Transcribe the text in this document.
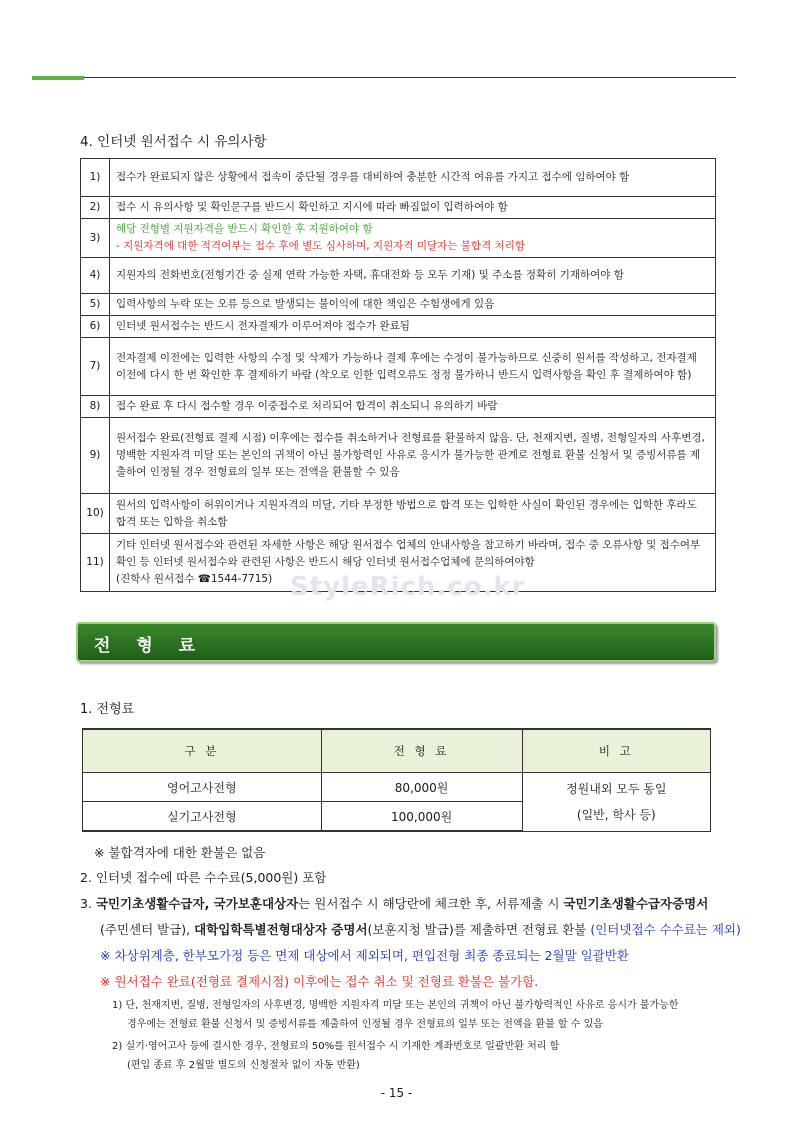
4. 인터넷 원서접수 시 유의사항
1)	접수가 완료되지 않은 상황에서 접속이 중단될 경우를 대비하여 충분한 시간적 여유를 가지고 접수에 임하여야 함
2)	접수 시 유의사항 및 확인문구를 반드시 확인하고 지시에 따라 빠짐없이 입력하여야 함
3)	해당 전형별 지원자격을 반드시 확인한 후 지원하여야 함
- 지원자격에 대한 적격여부는 접수 후에 별도 심사하며, 지원자격 미달자는 불합격 처리함

4)	지원자의 전화번호(전형기간 중 실제 연락 가능한 자택, 휴대전화 등 모두 기재) 및 주소를 정확히 기재하여야 함
5)	입력사항의 누락 또는 오류 등으로 발생되는 불이익에 대한 책임은 수험생에게 있음
6)	인터넷 원서접수는 반드시 전자결제가 이루어져야 접수가 완료됨
7)	전자결제 이전에는 입력한 사항의 수정 및 삭제가 가능하나 결제 후에는 수정이 불가능하므로 신중히 원서를 작성하고, 전자결제 이전에 다시 한 번 확인한 후 결제하기 바람 (착오로 인한 입력오류도 정정 불가하니 반드시 입력사항을 확인 후 결제하여야 함)
8)	접수 완료 후 다시 접수할 경우 이중접수로 처리되어 합격이 취소되니 유의하기 바람
9)	원서접수 완료(전형료 결제 시점) 이후에는 접수를 취소하거나 전형료를 환불하지 않음. 단, 천재지변, 질병, 전형일자의 사후변경, 명백한 지원자격 미달 또는 본인의 귀책이 아닌 불가항력인 사유로 응시가 불가능한 관계로 전형료 환불 신청서 및 증빙서류를 제출하여 인정될 경우 전형료의 일부 또는 전액을 환불할 수 있음
10)	원서의 입력사항이 허위이거나 지원자격의 미달, 기타 부정한 방법으로 합격 또는 입학한 사실이 확인된 경우에는 입학한 후라도 합격 또는 입학을 취소함
11)	기타 인터넷 원서접수와 관련된 자세한 사항은 해당 원서접수 업체의 안내사항을 참고하기 바라며, 접수 중 오류사항 및 접수여부 확인 등 인터넷 원서접수와 관련된 사항은 반드시 해당 인터넷 원서접수업체에 문의하여야함
(진학사 원서접수 ☎1544-7715) StyleRich.co.kr
전 형 료
1. 전형료
구 분	전 형 료	비 고
영어고사전형	80,000원	정원내외 모두 동일
(일반, 학사 등)

실기고사전형	100,000원	
※ 불합격자에 대한 환불은 없음
2. 인터넷 접수에 따른 수수료(5,000원) 포함
3. 국민기초생활수급자, 국가보훈대상자는 원서접수 시 해당란에 체크한 후, 서류제출 시 국민기초생활수급자증명서
(주민센터 발급), 대학입학특별전형대상자 증명서(보훈지청 발급)를 제출하면 전형료 환불 (인터넷접수 수수료는 제외)
※ 차상위계층, 한부모가정 등은 면제 대상에서 제외되며, 편입전형 최종 종료되는 2월말 일괄반환
※ 원서접수 완료(전형료 결제시점) 이후에는 접수 취소 및 전형료 환불은 불가함.
1) 단, 천재지변, 질병, 전형일자의 사후변경, 명백한 지원자격 미달 또는 본인의 귀책이 아닌 불가항력적인 사유로 응시가 불가능한
경우에는 전형료 환불 신청서 및 증빙서류를 제출하여 인정될 경우 전형료의 일부 또는 전액을 환불 할 수 있음
2) 실기·영어고사 등에 결시한 경우, 전형료의 50%를 원서접수 시 기재한 계좌번호로 일괄반환 처리 함
(편입 종료 후 2월말 별도의 신청절차 없이 자동 반환)
- 15 -
